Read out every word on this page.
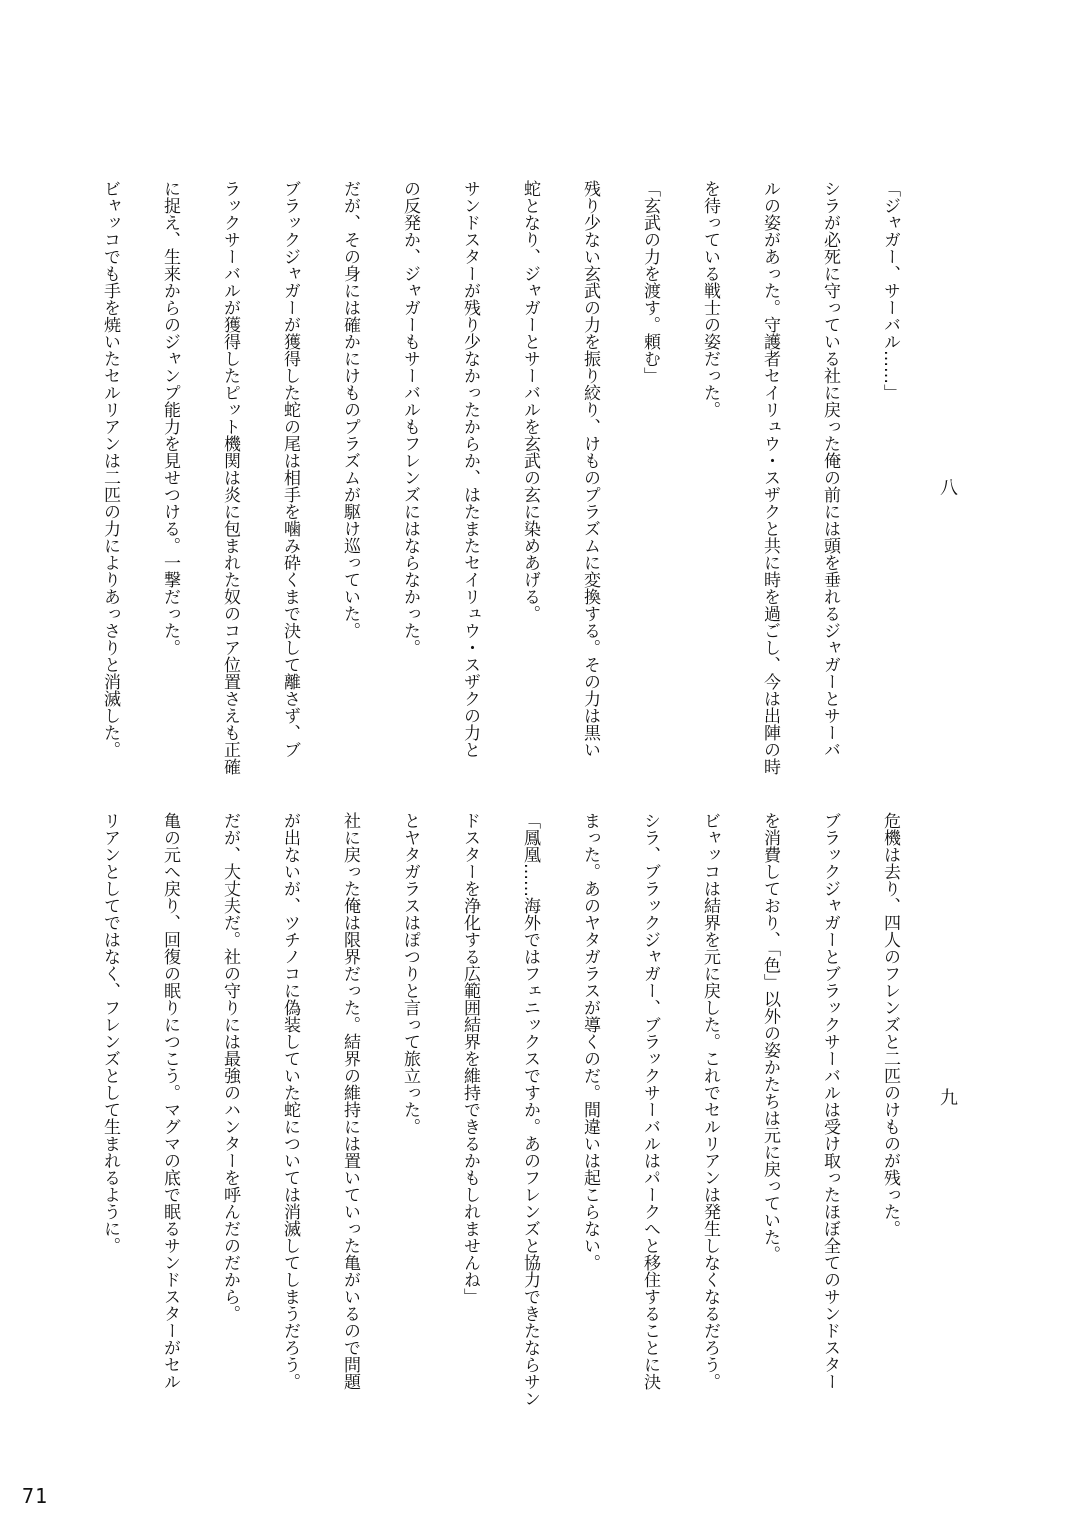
八
「ジャガー、サーバル……」
シラが必死に守っている社に戻った俺の前には頭を垂れるジャガーとサーバ
ルの姿があった。守護者セイリュウ・スザクと共に時を過ごし、今は出陣の時
を待っている戦士の姿だった。
「玄武の力を渡す。頼む」
残り少ない玄武の力を振り絞り、けものプラズムに変換する。その力は黒い
蛇となり、ジャガーとサーバルを玄武の玄に染めあげる。
サンドスターが残り少なかったからか、はたまたセイリュウ・スザクの力と
の反発か、ジャガーもサーバルもフレンズにはならなかった。
だが、その身には確かにけものプラズムが駆け巡っていた。
ブラックジャガーが獲得した蛇の尾は相手を噛み砕くまで決して離さず、ブ
ラックサーバルが獲得したピット機関は炎に包まれた奴のコア位置さえも正確
に捉え、生来からのジャンプ能力を見せつける。一撃だった。
ビャッコでも手を焼いたセルリアンは二匹の力によりあっさりと消滅した。
九
危機は去り、四人のフレンズと二匹のけものが残った。
ブラックジャガーとブラックサーバルは受け取ったほぼ全てのサンドスター
を消費しており、「色」以外の姿かたちは元に戻っていた。
ビャッコは結界を元に戻した。これでセルリアンは発生しなくなるだろう。
シラ、ブラックジャガー、ブラックサーバルはパークへと移住することに決
まった。あのヤタガラスが導くのだ。間違いは起こらない。
「鳳凰……海外ではフェニックスですか。あのフレンズと協力できたならサン
ドスターを浄化する広範囲結界を維持できるかもしれませんね」
とヤタガラスはぽつりと言って旅立った。
社に戻った俺は限界だった。結界の維持には置いていった亀がいるので問題
が出ないが、ツチノコに偽装していた蛇については消滅してしまうだろう。
だが、大丈夫だ。社の守りには最強のハンターを呼んだのだから。
亀の元へ戻り、回復の眠りにつこう。マグマの底で眠るサンドスターがセル
リアンとしてではなく、フレンズとして生まれるように。
71
